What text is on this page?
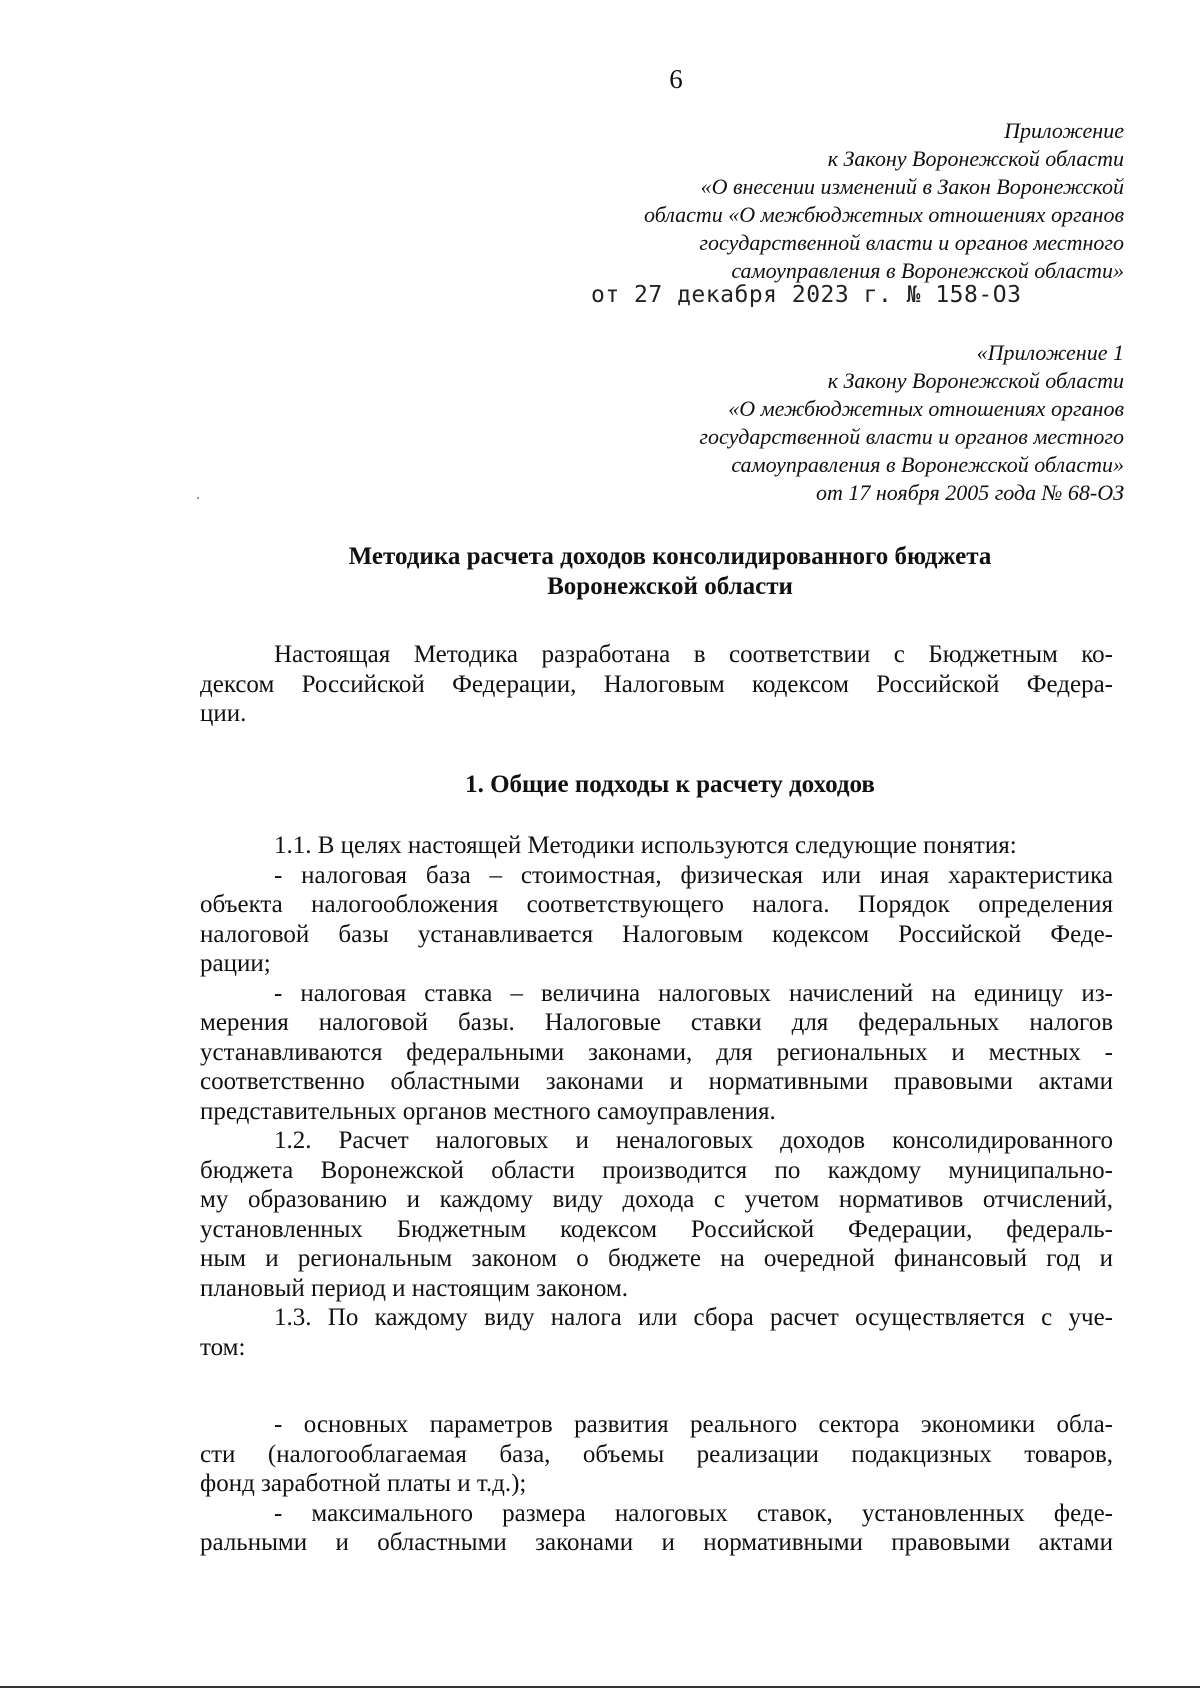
6
Приложение
к Закону Воронежской области
«О внесении изменений в Закон Воронежской
области «О межбюджетных отношениях органов
государственной власти и органов местного
самоуправления в Воронежской области»
от 27 декабря 2023 г. № 158-ОЗ
«Приложение 1
к Закону Воронежской области
«О межбюджетных отношениях органов
государственной власти и органов местного
самоуправления в Воронежской области»
от 17 ноября 2005 года № 68-ОЗ
Методика расчета доходов консолидированного бюджета
Воронежской области
Настоящая Методика разработана в соответствии с Бюджетным ко-
дексом Российской Федерации, Налоговым кодексом Российской Федера-
ции.
1. Общие подходы к расчету доходов
1.1. В целях настоящей Методики используются следующие понятия:
- налоговая база – стоимостная, физическая или иная характеристика
объекта налогообложения соответствующего налога. Порядок определения
налоговой базы устанавливается Налоговым кодексом Российской Феде-
рации;
- налоговая ставка – величина налоговых начислений на единицу из-
мерения налоговой базы. Налоговые ставки для федеральных налогов
устанавливаются федеральными законами, для региональных и местных -
соответственно областными законами и нормативными правовыми актами
представительных органов местного самоуправления.
1.2. Расчет налоговых и неналоговых доходов консолидированного
бюджета Воронежской области производится по каждому муниципально-
му образованию и каждому виду дохода с учетом нормативов отчислений,
установленных Бюджетным кодексом Российской Федерации, федераль-
ным и региональным законом о бюджете на очередной финансовый год и
плановый период и настоящим законом.
1.3. По каждому виду налога или сбора расчет осуществляется с уче-
том:
- основных параметров развития реального сектора экономики обла-
сти (налогооблагаемая база, объемы реализации подакцизных товаров,
фонд заработной платы и т.д.);
- максимального размера налоговых ставок, установленных феде-
ральными и областными законами и нормативными правовыми актами
